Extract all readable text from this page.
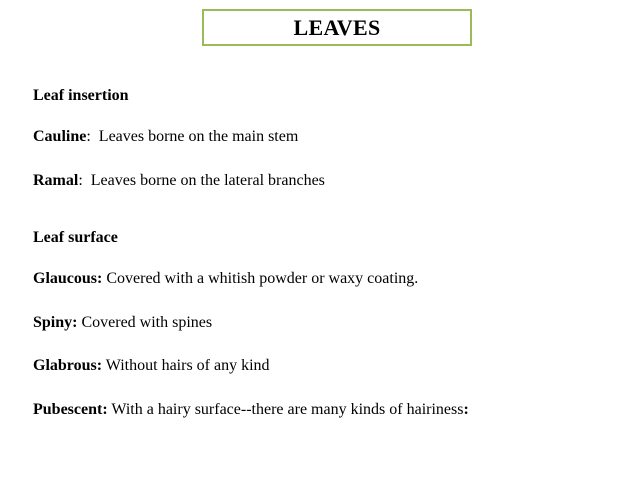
LEAVES
Leaf insertion
Cauline:  Leaves borne on the main stem
Ramal:  Leaves borne on the lateral branches
Leaf surface
Glaucous: Covered with a whitish powder or waxy coating.
Spiny: Covered with spines
Glabrous: Without hairs of any kind
Pubescent: With a hairy surface--there are many kinds of hairiness:
